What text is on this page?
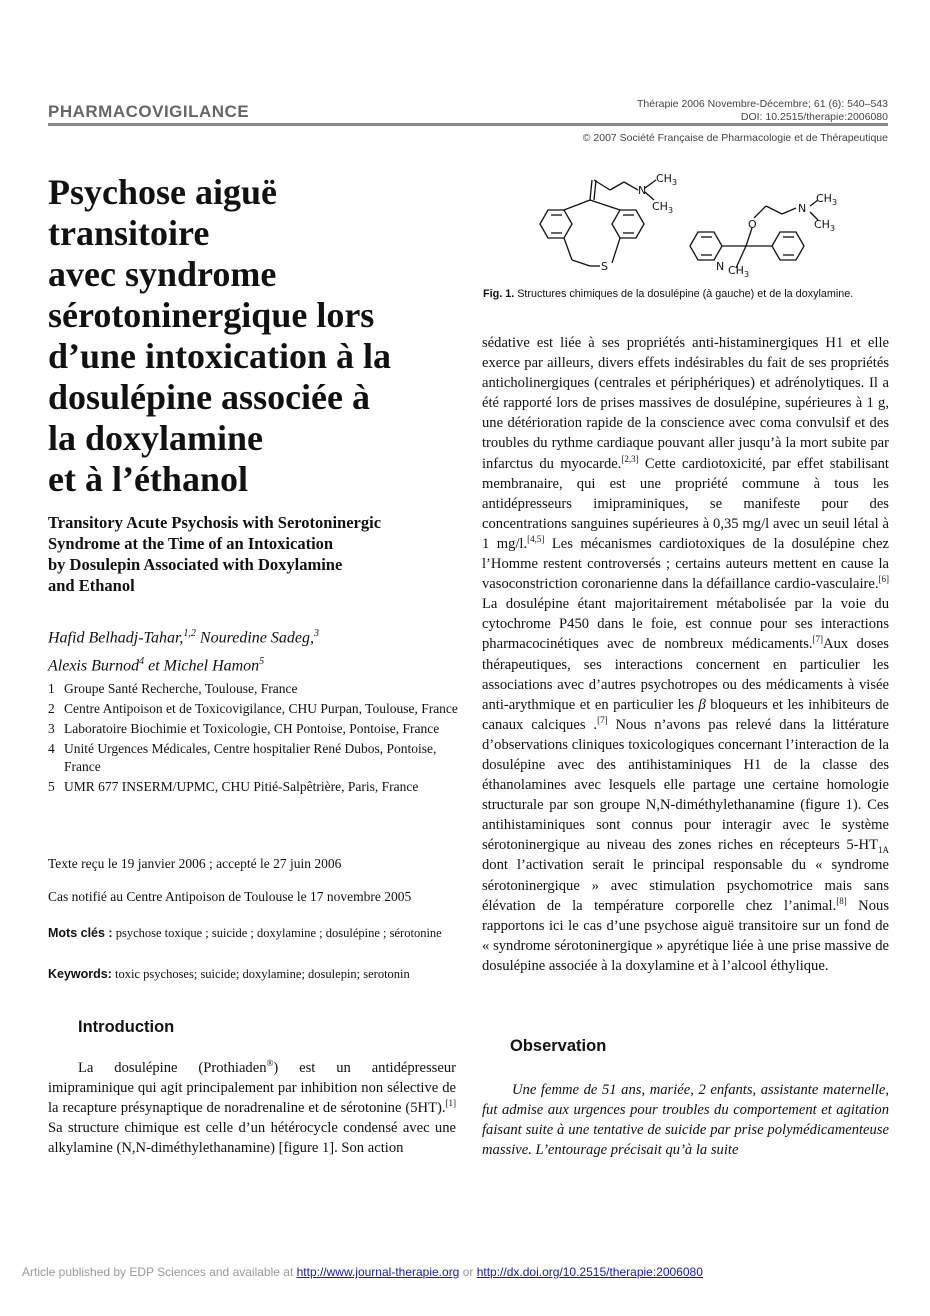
PHARMACOVIGILANCE	Thérapie 2006 Novembre-Décembre; 61 (6): 540–543
DOI: 10.2515/therapie:2006080
© 2007 Société Française de Pharmacologie et de Thérapeutique
Psychose aiguë
transitoire
avec syndrome
sérotoninergique lors
d’une intoxication à la
dosulépine associée à
la doxylamine
et à l’éthanol
Transitory Acute Psychosis with Serotoninergic
Syndrome at the Time of an Intoxication
by Dosulepin Associated with Doxylamine
and Ethanol
Hafid Belhadj-Tahar,$^{1,2}$ Nouredine Sadeg,$^3$
Alexis Burnod$^4$ et Michel Hamon$^5$
1 Groupe Santé Recherche, Toulouse, France
2 Centre Antipoison et de Toxicovigilance, CHU Purpan, Toulouse, France
3 Laboratoire Biochimie et Toxicologie, CH Pontoise, Pontoise, France
4 Unité Urgences Médicales, Centre hospitalier René Dubos, Pontoise, France
5 UMR 677 INSERM/UPMC, CHU Pitié-Salpêtrière, Paris, France
Texte reçu le 19 janvier 2006 ; accepté le 27 juin 2006
Cas notifié au Centre Antipoison de Toulouse le 17 novembre 2005
Mots clés : psychose toxique ; suicide ; doxylamine ; dosulépine ; sérotonine
Keywords: toxic psychoses; suicide; doxylamine; dosulepin; serotonin
Introduction

La dosulépine (Prothiaden®) est un antidépresseur imipraminique qui agit principalement par inhibition non sélective de la recapture présynaptique de noradrenaline et de sérotonine (5HT).[1] Sa structure chimique est celle d’un hétérocycle condensé avec une alkylamine (N,N-diméthylethanamine) [figure 1]. Son action

N
$CH_3$
$CH_3$
S
O
N
$CH_3$
$CH_3$
N $CH_3$
Fig. 1. Structures chimiques de la dosulépine (à gauche) et de la doxylamine.

sédative est liée à ses propriétés anti-histaminergiques H1 et elle exerce par ailleurs, divers effets indésirables du fait de ses propriétés anticholinergiques (centrales et périphériques) et adrénolytiques. Il a été rapporté lors de prises massives de dosulépine, supérieures à 1 g, une détérioration rapide de la conscience avec coma convulsif et des troubles du rythme cardiaque pouvant aller jusqu’à la mort subite par infarctus du myocarde.[2,3] Cette cardiotoxicité, par effet stabilisant membranaire, qui est une propriété commune à tous les antidépresseurs imipraminiques, se manifeste pour des concentrations sanguines supérieures à 0,35 mg/l avec un seuil létal à 1 mg/l.[4,5] Les mécanismes cardiotoxiques de la dosulépine chez l’Homme restent controversés ; certains auteurs mettent en cause la vasoconstriction coronarienne dans la défaillance cardio-vasculaire.[6] La dosulépine étant majoritairement métabolisée par la voie du cytochrome P450 dans le foie, est connue pour ses interactions pharmacocinétiques avec de nombreux médicaments.[7]Aux doses thérapeutiques, ses interactions concernent en particulier les associations avec d’autres psychotropes ou des médicaments à visée anti-arythmique et en particulier les β bloqueurs et les inhibiteurs de canaux calciques .[7] Nous n’avons pas relevé dans la littérature d’observations cliniques toxicologiques concernant l’interaction de la dosulépine avec des antihistaminiques H1 de la classe des éthanolamines avec lesquels elle partage une certaine homologie structurale par son groupe N,N-diméthylethanamine (figure 1). Ces antihistaminiques sont connus pour interagir avec le système sérotoninergique au niveau des zones riches en récepteurs $5-HT_{1A}$ dont l’activation serait le principal responsable du « syndrome sérotoninergique » avec stimulation psychomotrice mais sans élévation de la température corporelle chez l’animal.[8] Nous rapportons ici le cas d’une psychose aiguë transitoire sur un fond de « syndrome sérotoninergique » apyrétique liée à une prise massive de dosulépine associée à la doxylamine et à l’alcool éthylique.

Observation

Une femme de 51 ans, mariée, 2 enfants, assistante maternelle, fut admise aux urgences pour troubles du comportement et agitation faisant suite à une tentative de suicide par prise polymédicamenteuse massive. L’entourage précisait qu’à la suite

Article published by EDP Sciences and available at http://www.journal-therapie.org or http://dx.doi.org/10.2515/therapie:2006080
